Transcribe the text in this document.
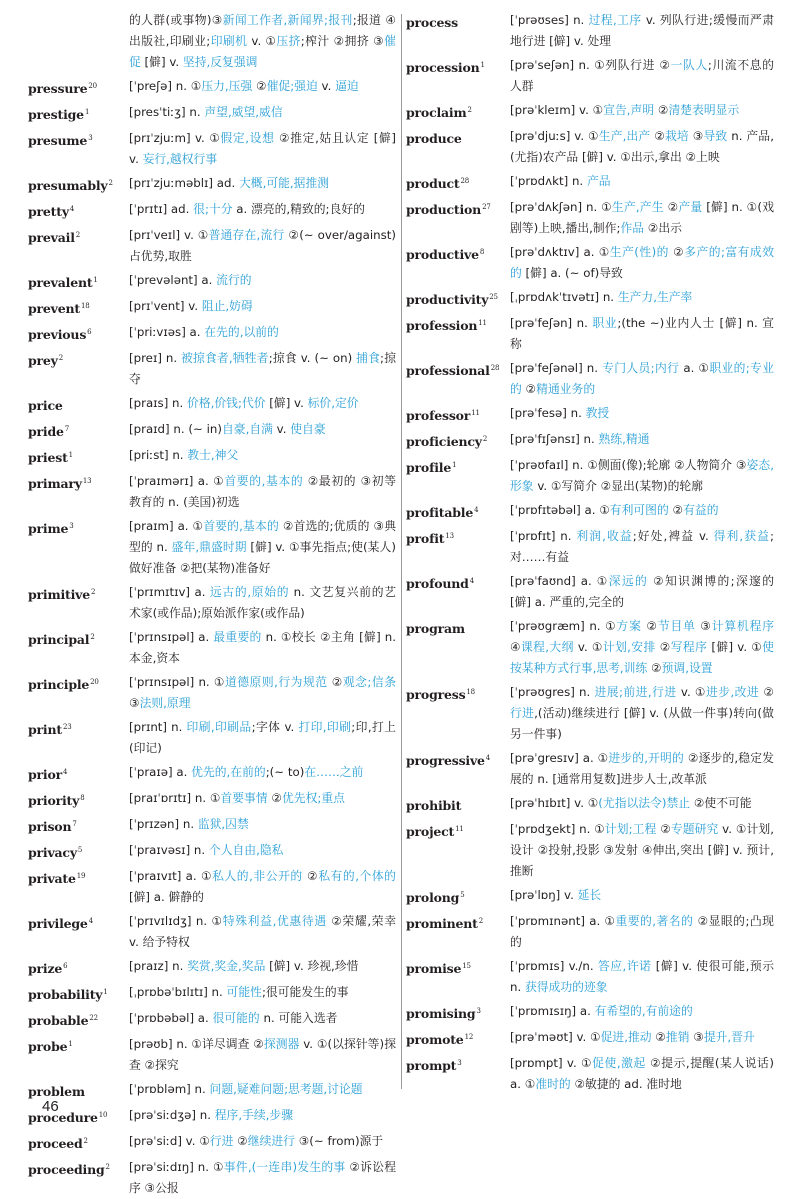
的人群(或事物)③新闻工作者,新闻界;报刊;报道 ④出版社,印刷业;印刷机 v. ①压挤;榨汁 ②拥挤 ③催促 [僻] v. 坚持,反复强调
pressure$^{20}$	[ˈpreʃə] n. ①压力,压强 ②催促;强迫 v. 逼迫
prestige$^1$	[presˈtiːʒ] n. 声望,威望,威信
presume$^3$	[prɪˈzjuːm] v. ①假定,设想 ②推定,姑且认定 [僻] v. 妄行,越权行事
presumably$^2$	[prɪˈzjuːməblɪ] ad. 大概,可能,据推测
pretty$^4$	[ˈprɪtɪ] ad. 很;十分 a. 漂亮的,精致的;良好的
prevail$^2$	[prɪˈveɪl] v. ①普通存在,流行 ②(~ over/against)占优势,取胜
prevalent$^1$	[ˈprevələnt] a. 流行的
prevent$^{18}$	[prɪˈvent] v. 阻止,妨碍
previous$^6$	[ˈpriːvɪəs] a. 在先的,以前的
prey$^2$	[preɪ] n. 被掠食者,牺牲者;掠食 v. (~ on) 捕食;掠夺
price	[praɪs] n. 价格,价钱;代价 [僻] v. 标价,定价
pride$^7$	[praɪd] n. (~ in)自豪,自满 v. 使自豪
priest$^1$	[priːst] n. 教士,神父
primary$^{13}$	[ˈpraɪmərɪ] a. ①首要的,基本的 ②最初的 ③初等教育的 n. (美国)初选
prime$^3$	[praɪm] a. ①首要的,基本的 ②首选的;优质的 ③典型的 n. 盛年,鼎盛时期 [僻] v. ①事先指点;使(某人)做好准备 ②把(某物)准备好
primitive$^2$	[ˈprɪmɪtɪv] a. 远古的,原始的 n. 文艺复兴前的艺术家(或作品);原始派作家(或作品)
principal$^2$	[ˈprɪnsɪpəl] a. 最重要的 n. ①校长 ②主角 [僻] n. 本金,资本
principle$^{20}$	[ˈprɪnsɪpəl] n. ①道德原则,行为规范 ②观念;信条 ③法则,原理
print$^{23}$	[prɪnt] n. 印刷,印刷品;字体 v. 打印,印刷;印,打上(印记)
prior$^4$	[ˈpraɪə] a. 优先的,在前的;(~ to)在……之前
priority$^8$	[praɪˈɒrɪtɪ] n. ①首要事情 ②优先权;重点
prison$^7$	[ˈprɪzən] n. 监狱,囚禁
privacy$^5$	[ˈpraɪvəsɪ] n. 个人自由,隐私
private$^{19}$	[ˈpraɪvɪt] a. ①私人的,非公开的 ②私有的,个体的 [僻] a. 僻静的
privilege$^4$	[ˈprɪvɪlɪdʒ] n. ①特殊利益,优惠待遇 ②荣耀,荣幸 v. 给予特权
prize$^6$	[praɪz] n. 奖赏,奖金,奖品 [僻] v. 珍视,珍惜
probability$^1$	[ˌprɒbəˈbɪlɪtɪ] n. 可能性;很可能发生的事
probable$^{22}$	[ˈprɒbəbəl] a. 很可能的 n. 可能入选者
probe$^1$	[prəʊb] n. ①详尽调查 ②探测器 v. ①(以探针等)探查 ②探究
problem	[ˈprɒbləm] n. 问题,疑难问题;思考题,讨论题
procedure$^{10}$	[prəˈsiːdʒə] n. 程序,手续,步骤
proceed$^2$	[prəˈsiːd] v. ①行进 ②继续进行 ③(~ from)源于
proceeding$^2$	[prəˈsiːdɪŋ] n. ①事件,(一连串)发生的事 ②诉讼程序 ③公报
process	[ˈprəʊses] n. 过程,工序 v. 列队行进;缓慢而严肃地行进 [僻] v. 处理
procession$^1$	[prəˈseʃən] n. ①列队行进 ②一队人;川流不息的人群
proclaim$^2$	[prəˈkleɪm] v. ①宣告,声明 ②清楚表明显示
produce	[prəˈdjuːs] v. ①生产,出产 ②栽培 ③导致 n. 产品,(尤指)农产品 [僻] v. ①出示,拿出 ②上映
product$^{28}$	[ˈprɒdʌkt] n. 产品
production$^{27}$	[prəˈdʌkʃən] n. ①生产,产生 ②产量 [僻] n. ①(戏剧等)上映,播出,制作;作品 ②出示
productive$^8$	[prəˈdʌktɪv] a. ①生产(性)的 ②多产的;富有成效的 [僻] a. (~ of)导致
productivity$^{25}$	[ˌprɒdʌkˈtɪvətɪ] n. 生产力,生产率
profession$^{11}$	[prəˈfeʃən] n. 职业;(the ~)业内人士 [僻] n. 宣称
professional$^{28}$ [prəˈfeʃənəl] n. 专门人员;内行 a. ①职业的;专业的 ②精通业务的
professor$^{11}$	[prəˈfesə] n. 教授
proficiency$^2$	[prəˈfɪʃənsɪ] n. 熟练,精通
profile$^1$	[ˈprəʊfaɪl] n. ①侧面(像);轮廓 ②人物简介 ③姿态,形象 v. ①写简介 ②显出(某物)的轮廓
profitable$^4$	[ˈprɒfɪtəbəl] a. ①有利可图的 ②有益的
profit$^{13}$	[ˈprɒfɪt] n. 利润,收益;好处,裨益 v. 得利,获益;对……有益
profound$^4$	[prəˈfaʊnd] a. ①深远的 ②知识渊博的;深邃的 [僻] a. 严重的,完全的
program	[ˈprəʊgræm] n. ①方案 ②节目单 ③计算机程序 ④课程,大纲 v. ①计划,安排 ②写程序 [僻] v. ①使按某种方式行事,思考,训练 ②预调,设置
progress$^{18}$	[ˈprəʊgres] n. 进展;前进,行进 v. ①进步,改进 ②行进,(活动)继续进行 [僻] v. (从做一件事)转向(做另一件事)
progressive$^4$	[prəˈgresɪv] a. ①进步的,开明的 ②逐步的,稳定发展的 n. [通常用复数]进步人士,改革派
prohibit	[prəˈhɪbɪt] v. ①(尤指以法令)禁止 ②使不可能
project$^{11}$	[ˈprɒdʒekt] n. ①计划;工程 ②专题研究 v. ①计划,设计 ②投射,投影 ③发射 ④伸出,突出 [僻] v. 预计,推断
prolong$^5$	[prəˈlɒŋ] v. 延长
prominent$^2$	[ˈprɒmɪnənt] a. ①重要的,著名的 ②显眼的;凸现的
promise$^{15}$	[ˈprɒmɪs] v./n. 答应,许诺 [僻] v. 使很可能,预示 n. 获得成功的迹象
promising$^3$	[ˈprɒmɪsɪŋ] a. 有希望的,有前途的
promote$^{12}$	[prəˈməʊt] v. ①促进,推动 ②推销 ③提升,晋升
prompt$^3$	[prɒmpt] v. ①促使,激起 ②提示,提醒(某人说话) a. ①准时的 ②敏捷的 ad. 准时地
46
